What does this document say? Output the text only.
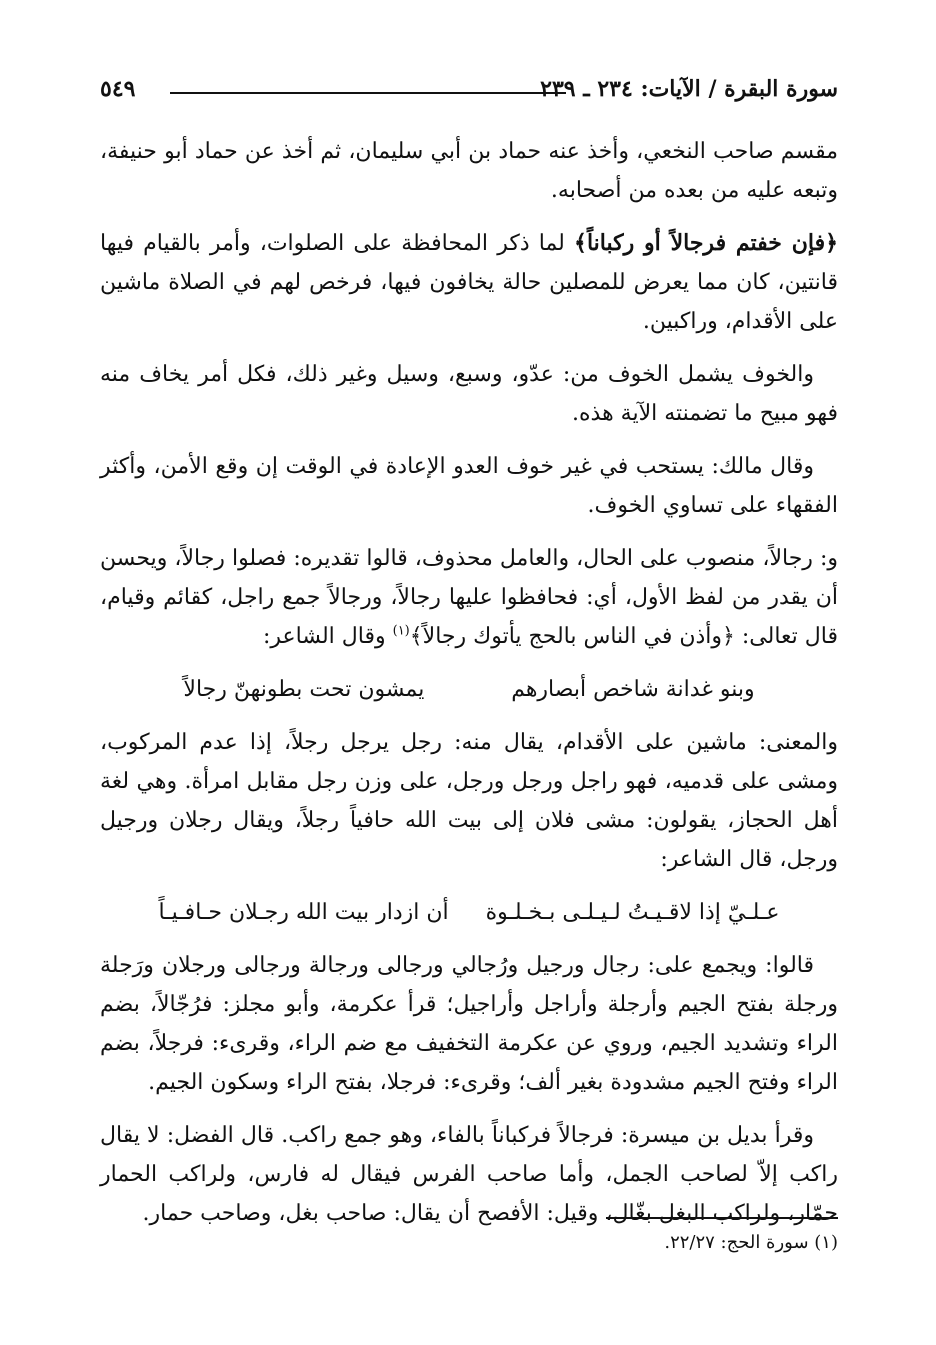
سورة البقرة / الآيات: ٢٣٤ ـ ٢٣٩
٥٤٩

مقسم صاحب النخعي، وأخذ عنه حماد بن أبي سليمان، ثم أخذ عن حماد أبو حنيفة، وتبعه عليه من بعده من أصحابه.

﴿فإن خفتم فرجالاً أو ركباناً﴾ لما ذكر المحافظة على الصلوات، وأمر بالقيام فيها قانتين، كان مما يعرض للمصلين حالة يخافون فيها، فرخص لهم في الصلاة ماشين على الأقدام، وراكبين.

والخوف يشمل الخوف من: عدّو، وسبع، وسيل وغير ذلك، فكل أمر يخاف منه فهو مبيح ما تضمنته الآية هذه.

وقال مالك: يستحب في غير خوف العدو الإعادة في الوقت إن وقع الأمن، وأكثر الفقهاء على تساوي الخوف.

و: رجالاً، منصوب على الحال، والعامل محذوف، قالوا تقديره: فصلوا رجالاً، ويحسن أن يقدر من لفظ الأول، أي: فحافظوا عليها رجالاً، ورجالاً جمع راجل، كقائم وقيام، قال تعالى: ﴿وأذن في الناس بالحج يأتوك رجالاً﴾$^{(١)}$ وقال الشاعر:

وبنو غدانة شاخص أبصارهم
يمشون تحت بطونهنّ رجالاً

والمعنى: ماشين على الأقدام، يقال منه: رجل يرجل رجلاً، إذا عدم المركوب، ومشى على قدميه، فهو راجل ورجل ورجل، على وزن رجل مقابل امرأة. وهي لغة أهل الحجاز، يقولون: مشى فلان إلى بيت الله حافياً رجلاً، ويقال رجلان ورجيل ورجل، قال الشاعر:

عـلـيّ إذا لاقـيـتُ لـيـلـى بـخـلـوة
أن ازدار بيت الله رجـلان حـافـيـاً

قالوا: ويجمع على: رجال ورجيل ورُجالي ورجالى ورجالة ورجالى ورجلان ورَجلة ورجلة بفتح الجيم وأرجلة وأراجل وأراجيل؛ قرأ عكرمة، وأبو مجلز: فرُجّالاً، بضم الراء وتشديد الجيم، وروي عن عكرمة التخفيف مع ضم الراء، وقرىء: فرجلاً، بضم الراء وفتح الجيم مشدودة بغير ألف؛ وقرىء: فرجلا، بفتح الراء وسكون الجيم.

وقرأ بديل بن ميسرة: فرجالاً فركباناً بالفاء، وهو جمع راكب. قال الفضل: لا يقال راكب إلاّ لصاحب الجمل، وأما صاحب الفرس فيقال له فارس، ولراكب الحمار حمّار، ولراكب البغل بغّال، وقيل: الأفصح أن يقال: صاحب بغل، وصاحب حمار.

(١) سورة الحج: ٢٢/٢٧.
